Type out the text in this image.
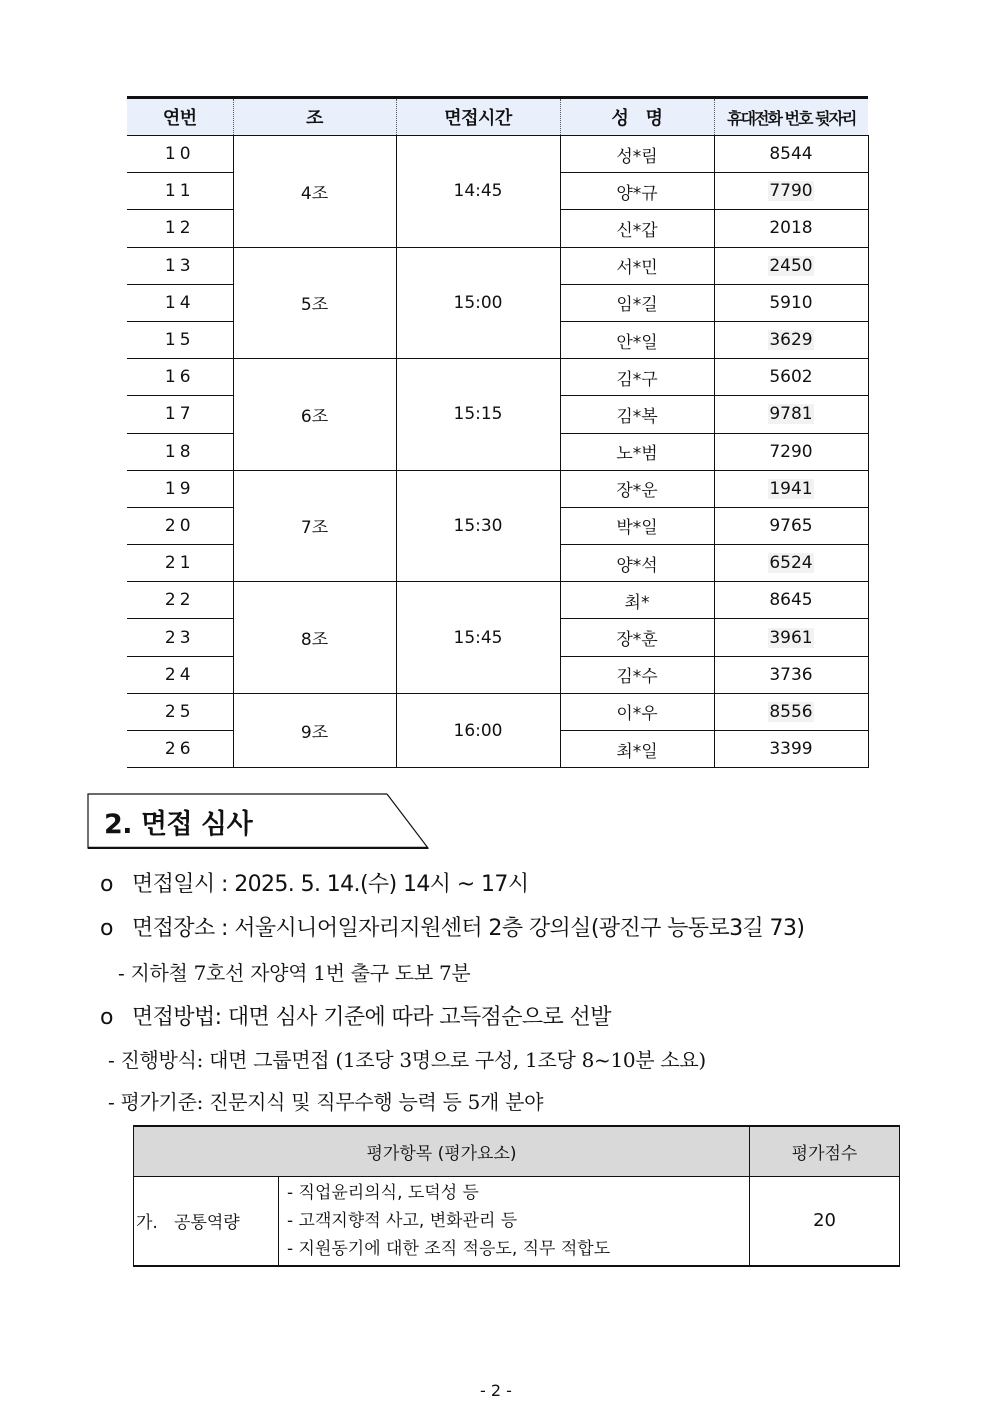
연번	조	면접시간	성   명	휴대전화 번호 뒷자리
10	4조	14:45	성*림	8544
11			양*규	7790
12			신*갑	2018
13	5조	15:00	서*민	2450
14			임*길	5910
15			안*일	3629
16	6조	15:15	김*구	5602
17			김*복	9781
18			노*범	7290
19	7조	15:30	장*운	1941
20			박*일	9765
21			양*석	6524
22	8조	15:45	최*	8645
23			장*훈	3961
24			김*수	3736
25	9조	16:00	이*우	8556
26			최*일	3399
2. 면접 심사
o 면접일시 : 2025. 5. 14.(수) 14시 ~ 17시
o 면접장소 : 서울시니어일자리지원센터 2층 강의실(광진구 능동로3길 73)
- 지하철 7호선 자양역 1번 출구 도보 7분
o 면접방법: 대면 심사 기준에 따라 고득점순으로 선발
- 진행방식: 대면 그룹면접 (1조당 3명으로 구성, 1조당 8~10분 소요)
- 평가기준: 진문지식 및 직무수행 능력 등 5개 분야
평가항목 (평가요소)		평가점수
가.   공통역량	- 직업윤리의식, 도덕성 등
- 고객지향적 사고, 변화관리 등
- 지원동기에 대한 조직 적응도, 직무 적합도	20
- 2 -
